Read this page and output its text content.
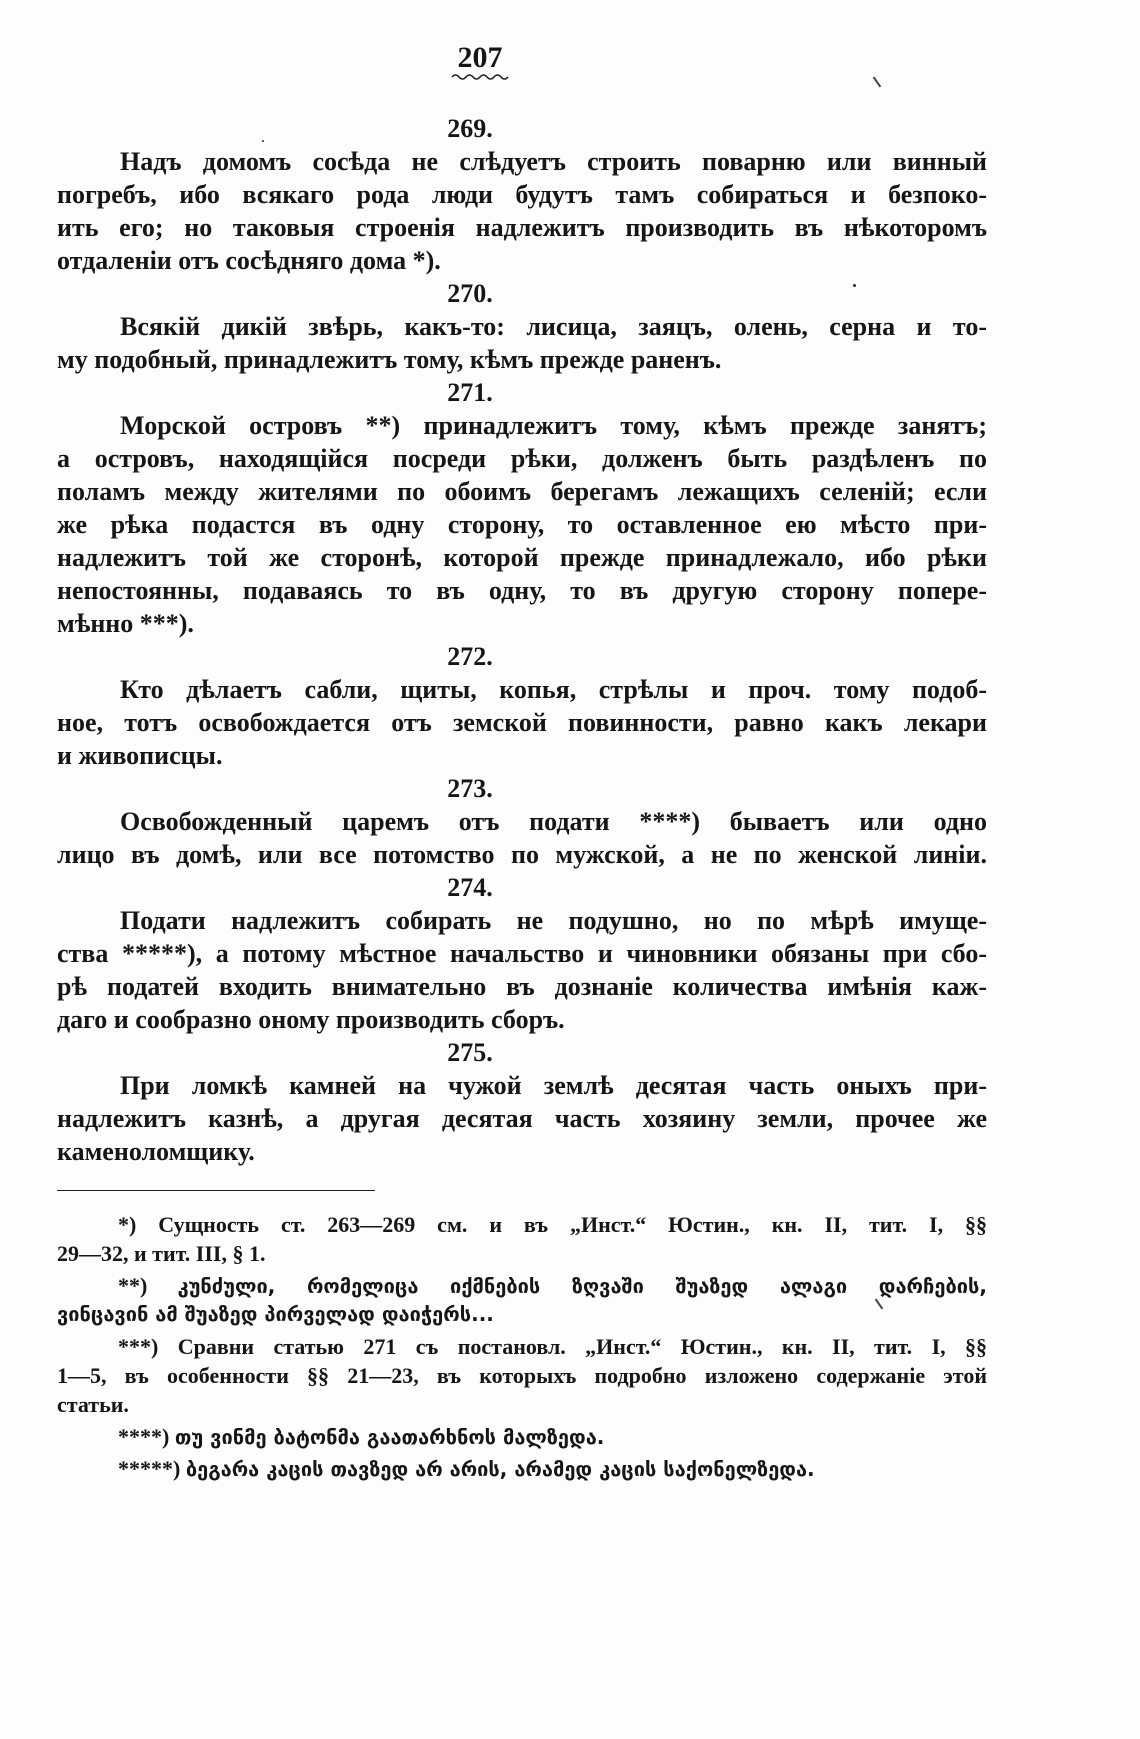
207
269.
Надъ домомъ сосѣда не слѣдуетъ строить поварню или винный
погребъ, ибо всякаго рода люди будутъ тамъ собираться и безпоко-
ить его; но таковыя строенія надлежитъ производить въ нѣкоторомъ
отдаленіи отъ сосѣдняго дома *).
270.
Всякій дикій звѣрь, какъ-то: лисица, заяцъ, олень, серна и то-
му подобный, принадлежитъ тому, кѣмъ прежде раненъ.
271.
Морской островъ **) принадлежитъ тому, кѣмъ прежде занятъ;
а островъ, находящійся посреди рѣки, долженъ быть раздѣленъ по
поламъ между жителями по обоимъ берегамъ лежащихъ селеній; если
же рѣка подастся въ одну сторону, то оставленное ею мѣсто при-
надлежитъ той же сторонѣ, которой прежде принадлежало, ибо рѣки
непостоянны, подаваясь то въ одну, то въ другую сторону попере-
мѣнно ***).
272.
Кто дѣлаетъ сабли, щиты, копья, стрѣлы и проч. тому подоб-
ное, тотъ освобождается отъ земской повинности, равно какъ лекари
и живописцы.
273.
Освобожденный царемъ отъ подати ****) бываетъ или одно
лицо въ домѣ, или все потомство по мужской, а не по женской линіи.
274.
Подати надлежитъ собирать не подушно, но по мѣрѣ имуще-
ства *****), а потому мѣстное начальство и чиновники обязаны при сбо-
рѣ податей входить внимательно въ дознаніе количества имѣнія каж-
даго и сообразно оному производить сборъ.
275.
При ломкѣ камней на чужой землѣ десятая часть оныхъ при-
надлежитъ казнѣ, а другая десятая часть хозяину земли, прочее же
каменоломщику.
*) Сущность ст. 263—269 см. и въ „Инст.“ Юстин., кн. II, тит. I, §§
29—32, и тит. III, § 1.
**) კუნძული, რომელიცა იქმნების ზღვაში შუაზედ ალაგი დარჩების,
ვინცავინ ამ შუაზედ პირველად დაიჭერს...
***) Сравни статью 271 съ постановл. „Инст.“ Юстин., кн. II, тит. I, §§
1—5, въ особенности §§ 21—23, въ которыхъ подробно изложено содержаніе этой
статьи.
****) თუ ვინმე ბატონმა გაათარხნოს მალზედა.
*****) ბეგარა კაცის თავზედ არ არის, არამედ კაცის საქონელზედა.
